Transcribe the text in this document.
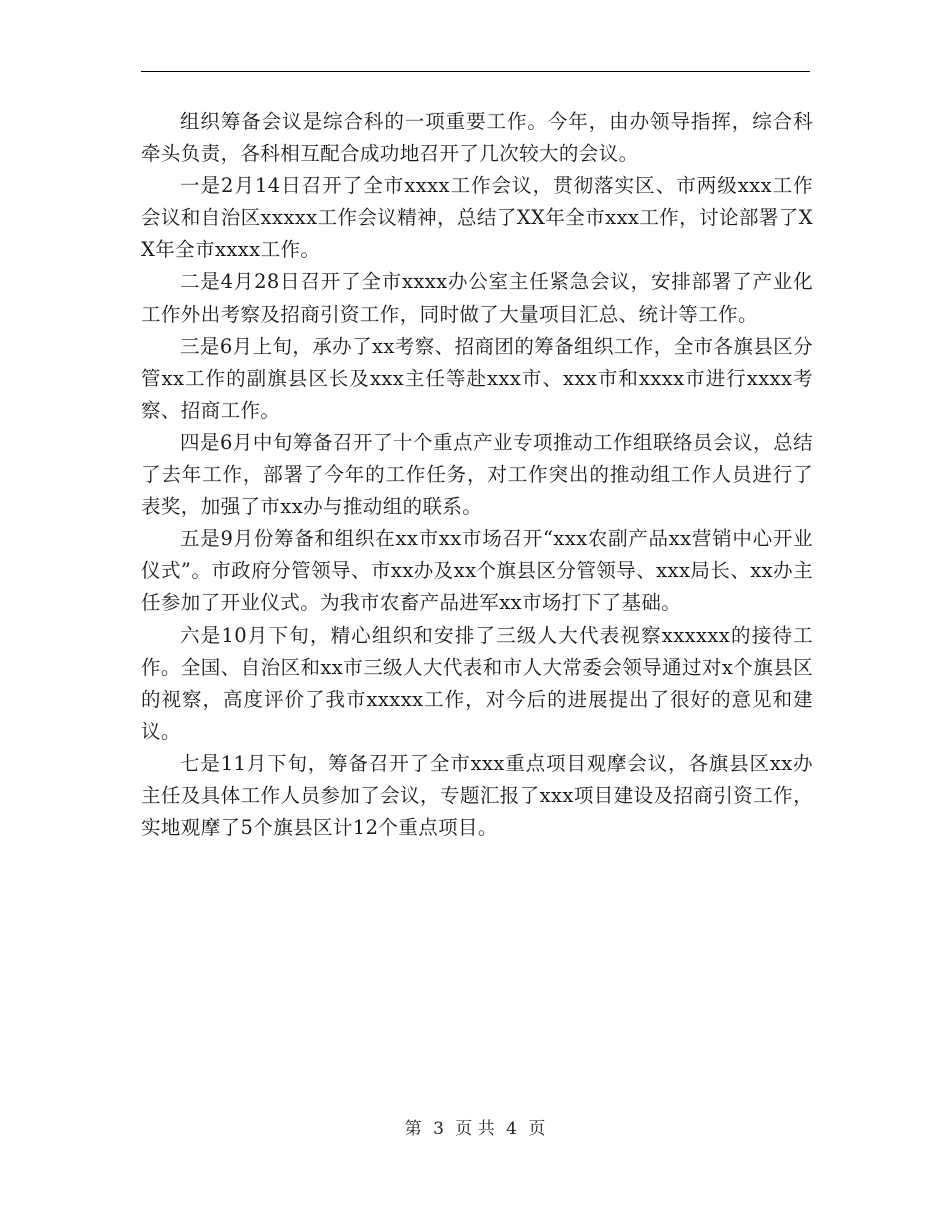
组织筹备会议是综合科的一项重要工作。今年，由办领导指挥，综合科牵头负责，各科相互配合成功地召开了几次较大的会议。

一是2月14日召开了全市xxxx工作会议，贯彻落实区、市两级xxx工作会议和自治区xxxxx工作会议精神，总结了XX年全市xxx工作，讨论部署了XX年全市xxxx工作。

二是4月28日召开了全市xxxx办公室主任紧急会议，安排部署了产业化工作外出考察及招商引资工作，同时做了大量项目汇总、统计等工作。

三是6月上旬，承办了xx考察、招商团的筹备组织工作，全市各旗县区分管xx工作的副旗县区长及xxx主任等赴xxx市、xxx市和xxxx市进行xxxx考察、招商工作。

四是6月中旬筹备召开了十个重点产业专项推动工作组联络员会议，总结了去年工作，部署了今年的工作任务，对工作突出的推动组工作人员进行了表奖，加强了市xx办与推动组的联系。

五是9月份筹备和组织在xx市xx市场召开“xxx农副产品xx营销中心开业仪式”。市政府分管领导、市xx办及xx个旗县区分管领导、xxx局长、xx办主任参加了开业仪式。为我市农畜产品进军xx市场打下了基础。

六是10月下旬，精心组织和安排了三级人大代表视察xxxxxx的接待工作。全国、自治区和xx市三级人大代表和市人大常委会领导通过对x个旗县区的视察，高度评价了我市xxxxx工作，对今后的进展提出了很好的意见和建议。

七是11月下旬，筹备召开了全市xxx重点项目观摩会议，各旗县区xx办主任及具体工作人员参加了会议，专题汇报了xxx项目建设及招商引资工作，实地观摩了5个旗县区计12个重点项目。

第 3 页 共 4 页
